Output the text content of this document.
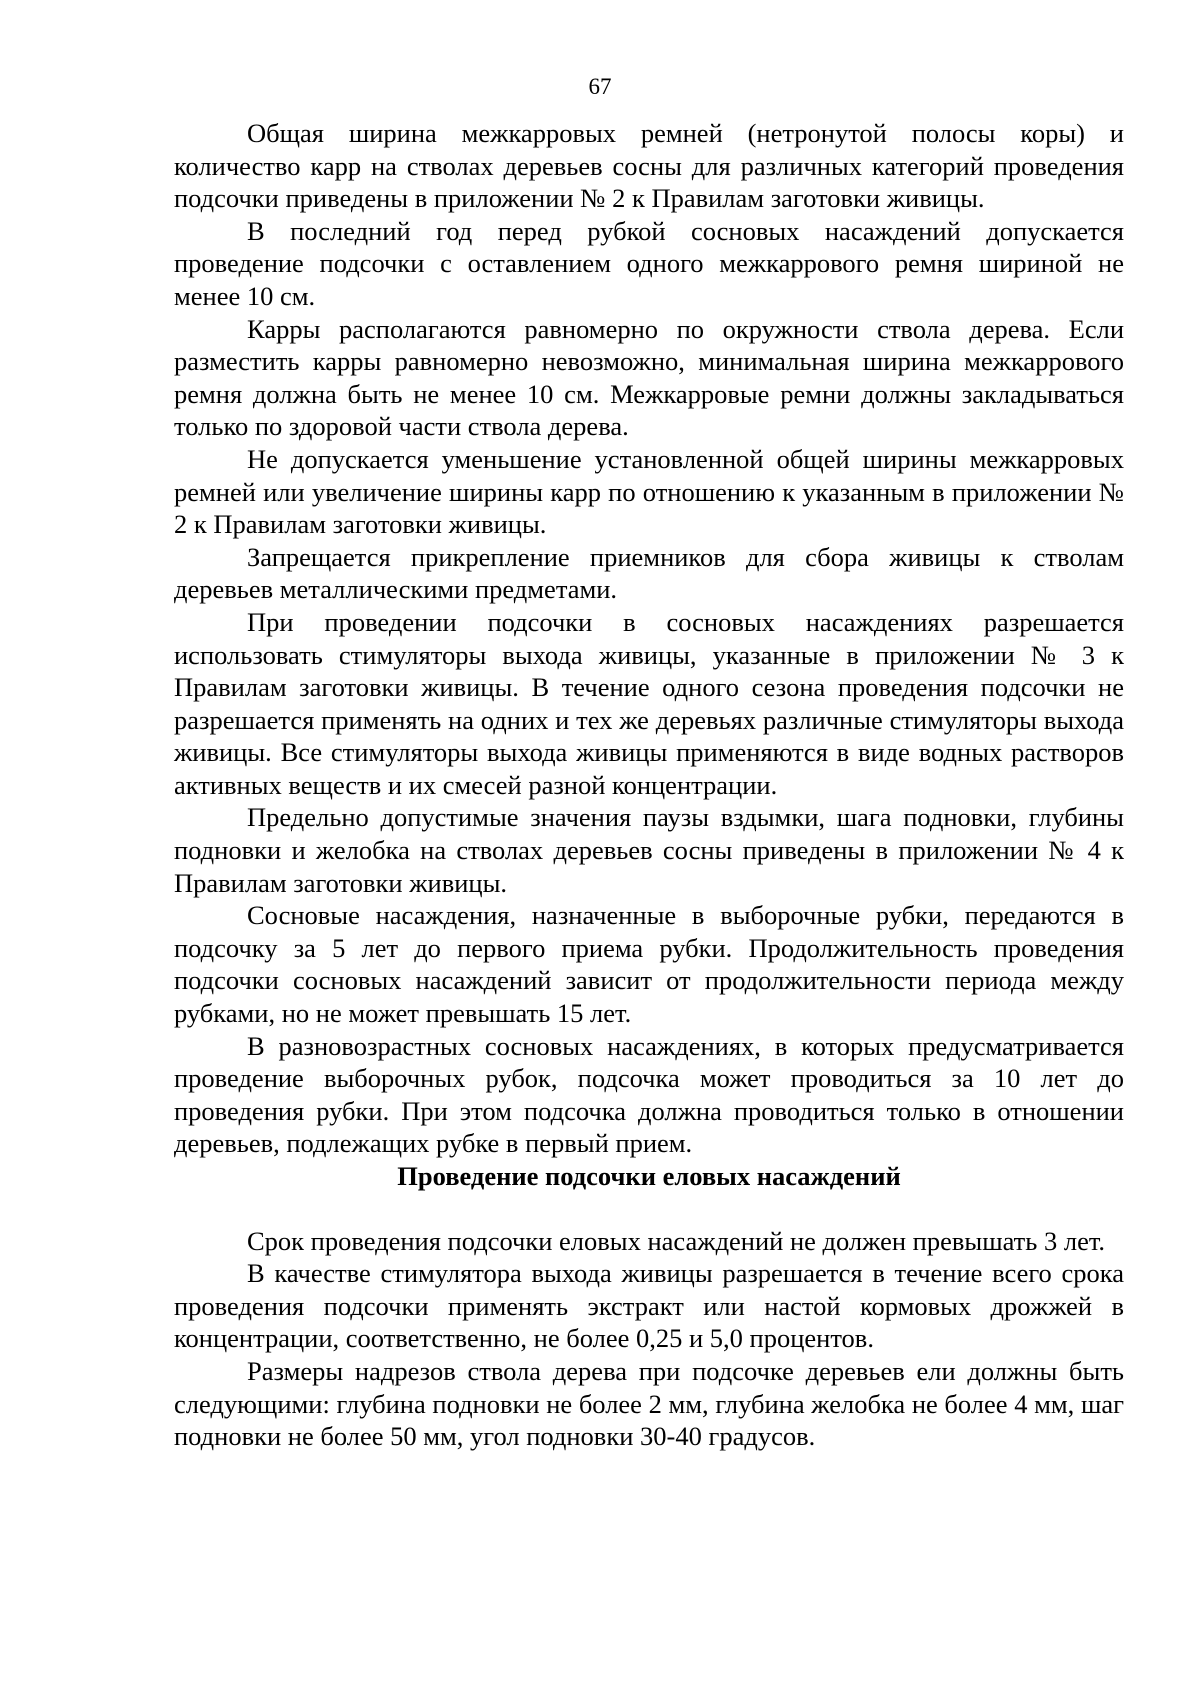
67

Общая ширина межкарровых ремней (нетронутой полосы коры) и количество карр на стволах деревьев сосны для различных категорий проведения подсочки приведены в приложении № 2 к Правилам заготовки живицы.

В последний год перед рубкой сосновых насаждений допускается проведение подсочки с оставлением одного межкаррового ремня шириной не менее 10 см.

Карры располагаются равномерно по окружности ствола дерева. Если разместить карры равномерно невозможно, минимальная ширина межкаррового ремня должна быть не менее 10 см. Межкарровые ремни должны закладываться только по здоровой части ствола дерева.

Не допускается уменьшение установленной общей ширины межкарровых ремней или увеличение ширины карр по отношению к указанным в приложении № 2 к Правилам заготовки живицы.

Запрещается прикрепление приемников для сбора живицы к стволам деревьев металлическими предметами.

При проведении подсочки в сосновых насаждениях разрешается использовать стимуляторы выхода живицы, указанные в приложении № 3 к Правилам заготовки живицы. В течение одного сезона проведения подсочки не разрешается применять на одних и тех же деревьях различные стимуляторы выхода живицы. Все стимуляторы выхода живицы применяются в виде водных растворов активных веществ и их смесей разной концентрации.

Предельно допустимые значения паузы вздымки, шага подновки, глубины подновки и желобка на стволах деревьев сосны приведены в приложении № 4 к Правилам заготовки живицы.

Сосновые насаждения, назначенные в выборочные рубки, передаются в подсочку за 5 лет до первого приема рубки. Продолжительность проведения подсочки сосновых насаждений зависит от продолжительности периода между рубками, но не может превышать 15 лет.

В разновозрастных сосновых насаждениях, в которых предусматривается проведение выборочных рубок, подсочка может проводиться за 10 лет до проведения рубки. При этом подсочка должна проводиться только в отношении деревьев, подлежащих рубке в первый прием.

Проведение подсочки еловых насаждений

Срок проведения подсочки еловых насаждений не должен превышать 3 лет.

В качестве стимулятора выхода живицы разрешается в течение всего срока проведения подсочки применять экстракт или настой кормовых дрожжей в концентрации, соответственно, не более 0,25 и 5,0 процентов.

Размеры надрезов ствола дерева при подсочке деревьев ели должны быть следующими: глубина подновки не более 2 мм, глубина желобка не более 4 мм, шаг подновки не более 50 мм, угол подновки 30-40 градусов.
